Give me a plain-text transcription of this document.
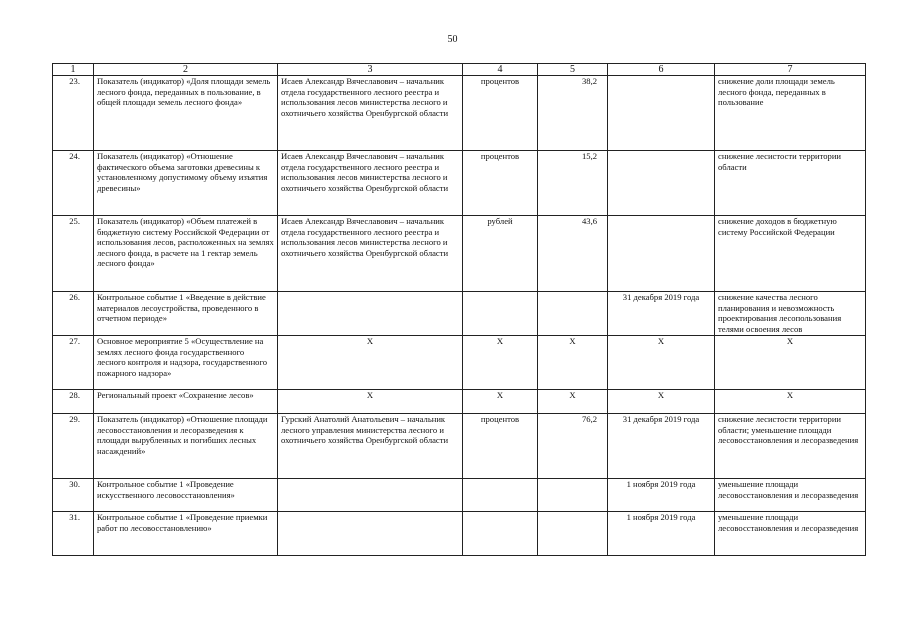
50
1	2	3	4	5	6	7
23.	Показатель (индикатор) «Доля площади земель лесного фонда, переданных в пользование, в общей площади земель лесного фонда»	Исаев Александр Вячеславович – начальник отдела государственного лесного реестра и использования лесов министерства лесного и охотничьего хозяйства Оренбургской области	процентов	38,2		снижение доли площади земель лесного фонда, переданных в пользование
24.	Показатель (индикатор) «Отношение фактического объема заготовки древесины к установленному допустимому объему изъятия древесины»	Исаев Александр Вячеславович – начальник отдела государственного лесного реестра и использования лесов министерства лесного и охотничьего хозяйства Оренбургской области	процентов	15,2		снижение лесистости территории области
25.	Показатель (индикатор) «Объем платежей в бюджетную систему Российской Федерации от использования лесов, расположенных на землях лесного фонда, в расчете на 1 гектар земель лесного фонда»	Исаев Александр Вячеславович – начальник отдела государственного лесного реестра и использования лесов министерства лесного и охотничьего хозяйства Оренбургской области	рублей	43,6		снижение доходов в бюджетную систему Российской Федерации
26.	Контрольное событие 1 «Введение в действие материалов лесоустройства, проведенного в отчетном периоде»				31 декабря 2019 года	снижение качества лесного планирования и невозможность проектирования лесопользования телями освоения лесов
27.	Основное мероприятие 5 «Осуществление на землях лесного фонда государственного лесного контроля и надзора, государственного пожарного надзора»	X	X	X	X	X
28.	Региональный проект «Сохранение лесов»	X	X	X	X	X
29.	Показатель (индикатор) «Отношение площади лесовосстановления и лесоразведения к площади вырубленных и погибших лесных насаждений»	Гурский Анатолий Анатольевич – начальник лесного управления министерства лесного и охотничьего хозяйства Оренбургской области	процентов	76,2	31 декабря 2019 года	снижение лесистости территории области; уменьшение площади лесовосстановления и лесоразведения
30.	Контрольное событие 1 «Проведение искусственного лесовосстановления»				1 ноября 2019 года	уменьшение площади лесовосстановления и лесоразведения
31.	Контрольное событие 1 «Проведение приемки работ по лесовосстановлению»				1 ноября 2019 года	уменьшение площади лесовосстановления и лесоразведения
